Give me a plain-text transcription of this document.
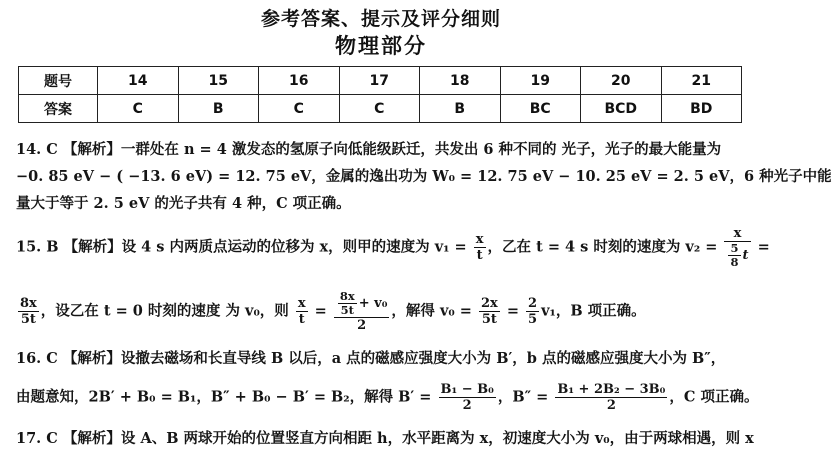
参考答案、提示及评分细则
物理部分
题号	14	15	16	17	18	19	20	21
答案	C	B	C	C	B	BC	BCD	BD
14. C 【解析】一群处在 n = 4 激发态的氢原子向低能级跃迁，共发出 6 种不同的 光子，光子的最大能量为
−0. 85 eV − ( −13. 6 eV) = 12. 75 eV，金属的逸出功为 W₀ = 12. 75 eV − 10. 25 eV = 2. 5 eV，6 种光子中能
量大于等于 2. 5 eV 的光子共有 4 种，C 项正确。
15. B 【解析】设 4 s 内两质点运动的位移为 x，则甲的速度为 $v_1 = \frac{x}{t}$ ，乙在 t = 4 s 时刻的速度为 $v_2 = \frac{x}{\frac{5}{8} t}$ =
$\frac{8x}{5t}$ ，设乙在 t = 0 时刻的速度 为 v₀，则 $\frac{x}{t} = \frac{\frac{8x}{5t} + v_0}{2}$ ，解得 $v_0 = \frac{2x}{5t} = \frac{2}{5} v_1$，B 项正确。
16. C 【解析】设撤去磁场和长直导线 B 以后，a 点的磁感应强度大小为 B′，b 点的磁感应强度大小为 B″，
由题意知，2B′ + B₀ = B₁，B″ + B₀ − B′ = B₂，解得 $B' = \frac{\text{B₁ − B₀}}{2}$ ，$B'' = \frac{\text{B₁ + 2B₂ − 3B₀}}{2}$ ，C 项正确。
17. C 【解析】设 A、B 两球开始的位置竖直方向相距 h，水平距离为 x，初速度大小为 v₀，由于两球相遇，则 x
